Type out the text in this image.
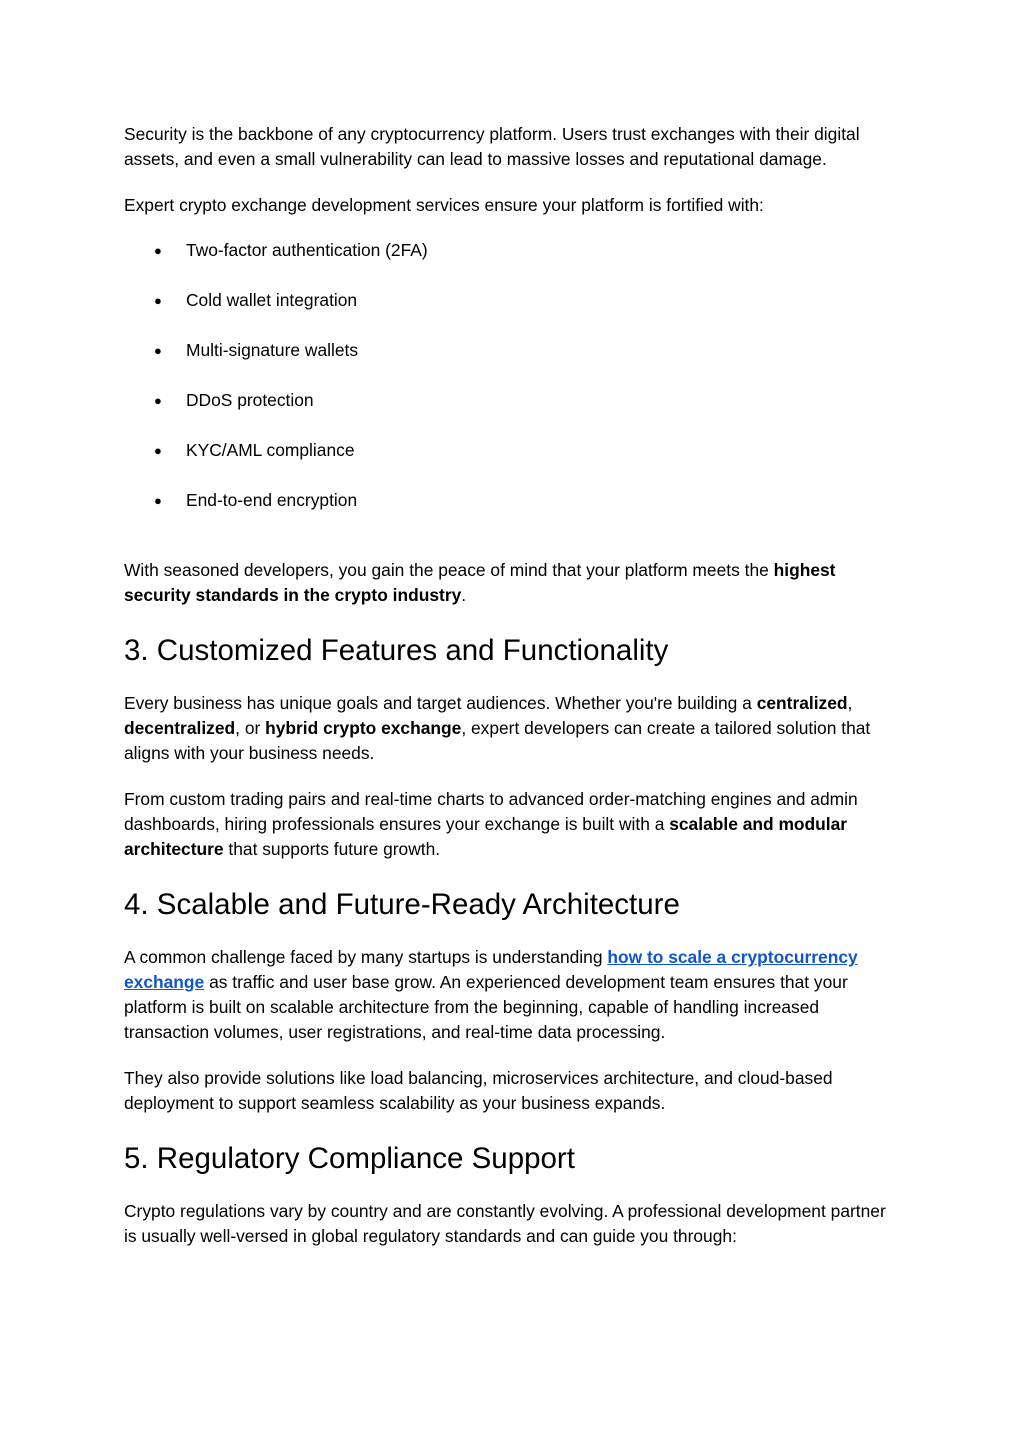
Security is the backbone of any cryptocurrency platform. Users trust exchanges with their digital assets, and even a small vulnerability can lead to massive losses and reputational damage.

Expert crypto exchange development services ensure your platform is fortified with:

● Two-factor authentication (2FA)
● Cold wallet integration
● Multi-signature wallets
● DDoS protection
● KYC/AML compliance
● End-to-end encryption

With seasoned developers, you gain the peace of mind that your platform meets the highest security standards in the crypto industry.

3. Customized Features and Functionality

Every business has unique goals and target audiences. Whether you're building a centralized, decentralized, or hybrid crypto exchange, expert developers can create a tailored solution that aligns with your business needs.

From custom trading pairs and real-time charts to advanced order-matching engines and admin dashboards, hiring professionals ensures your exchange is built with a scalable and modular architecture that supports future growth.

4. Scalable and Future-Ready Architecture

A common challenge faced by many startups is understanding how to scale a cryptocurrency exchange as traffic and user base grow. An experienced development team ensures that your platform is built on scalable architecture from the beginning, capable of handling increased transaction volumes, user registrations, and real-time data processing.

They also provide solutions like load balancing, microservices architecture, and cloud-based deployment to support seamless scalability as your business expands.

5. Regulatory Compliance Support

Crypto regulations vary by country and are constantly evolving. A professional development partner is usually well-versed in global regulatory standards and can guide you through:
